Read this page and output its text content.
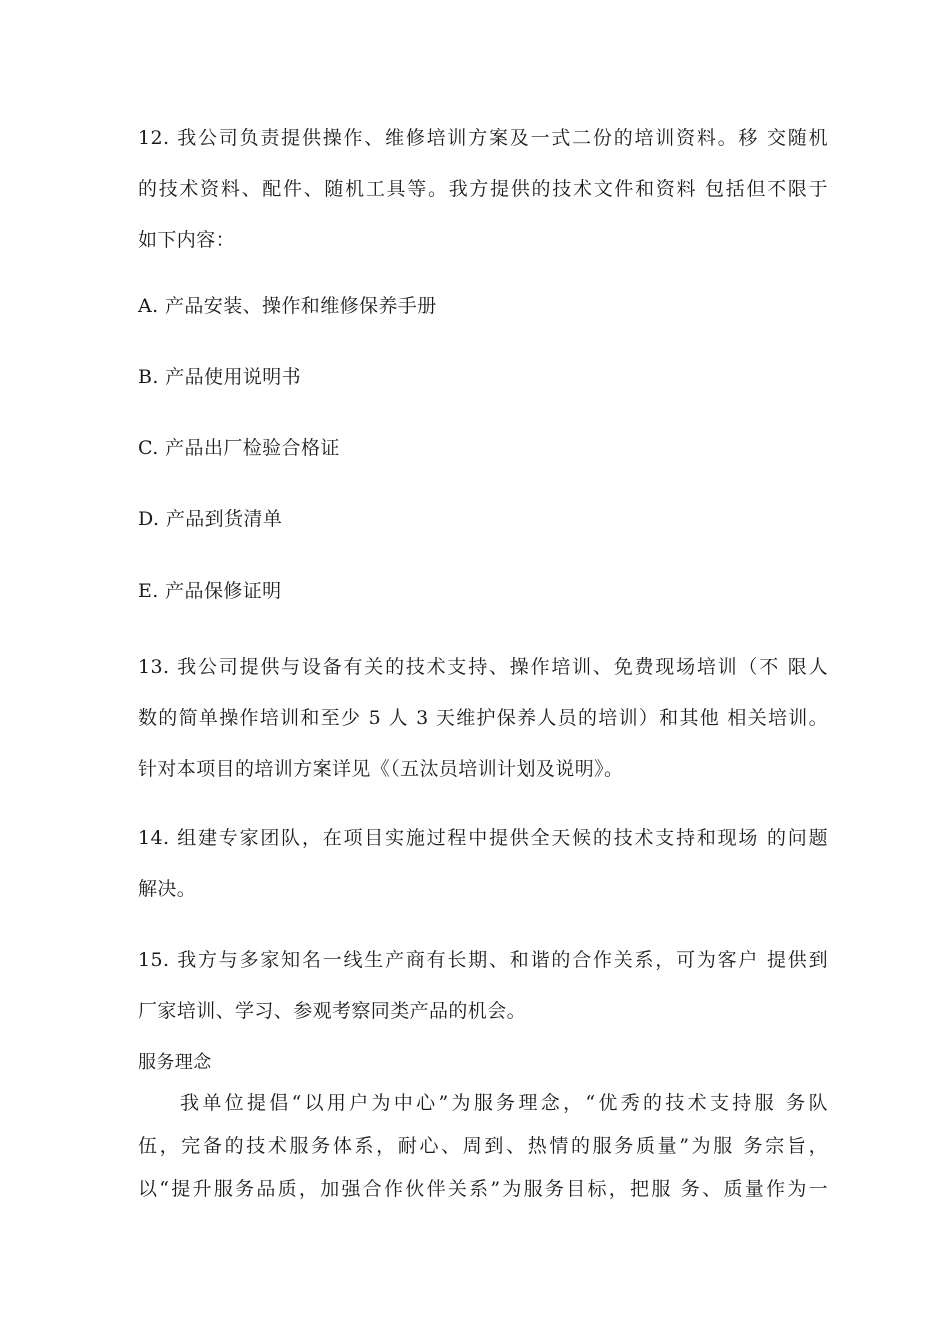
12. 我公司负责提供操作、维修培训方案及一式二份的培训资料。移 交随机
的技术资料、配件、随机工具等。我方提供的技术文件和资料 包括但不限于
如下内容：
A. 产品安装、操作和维修保养手册
B. 产品使用说明书
C. 产品出厂检验合格证
D. 产品到货清单
E. 产品保修证明
13. 我公司提供与设备有关的技术支持、操作培训、免费现场培训（不 限人
数的简单操作培训和至少 5 人 3 天维护保养人员的培训）和其他 相关培训。
针对本项目的培训方案详见《（五汰员培训计划及说明》。
14. 组建专家团队，在项目实施过程中提供全天候的技术支持和现场 的问题
解决。
15. 我方与多家知名一线生产商有长期、和谐的合作关系，可为客户 提供到
厂家培训、学习、参观考察同类产品的机会。
服务理念
我单位提倡“以用户为中心”为服务理念，“优秀的技术支持服 务队
伍，完备的技术服务体系，耐心、周到、热情的服务质量”为服 务宗旨，
以“提升服务品质，加强合作伙伴关系”为服务目标，把服 务、质量作为一
